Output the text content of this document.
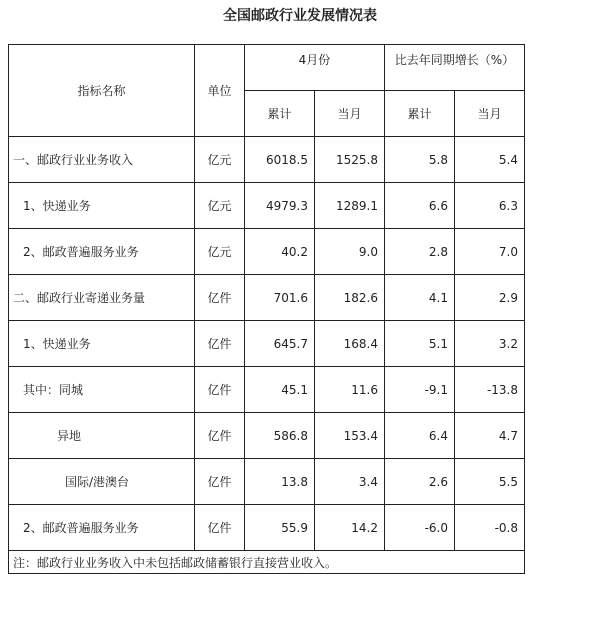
全国邮政行业发展情况表
指标名称	单位	4月份		比去年同期增长（%）	
		累计	当月	累计	当月
一、邮政行业业务收入	亿元	6018.5	1525.8	5.8	5.4
1、快递业务	亿元	4979.3	1289.1	6.6	6.3
2、邮政普遍服务业务	亿元	40.2	9.0	2.8	7.0
二、邮政行业寄递业务量	亿件	701.6	182.6	4.1	2.9
1、快递业务	亿件	645.7	168.4	5.1	3.2
其中：同城	亿件	45.1	11.6	-9.1	-13.8
异地	亿件	586.8	153.4	6.4	4.7
国际/港澳台	亿件	13.8	3.4	2.6	5.5
2、邮政普遍服务业务	亿件	55.9	14.2	-6.0	-0.8
注：邮政行业业务收入中未包括邮政储蓄银行直接营业收入。					
